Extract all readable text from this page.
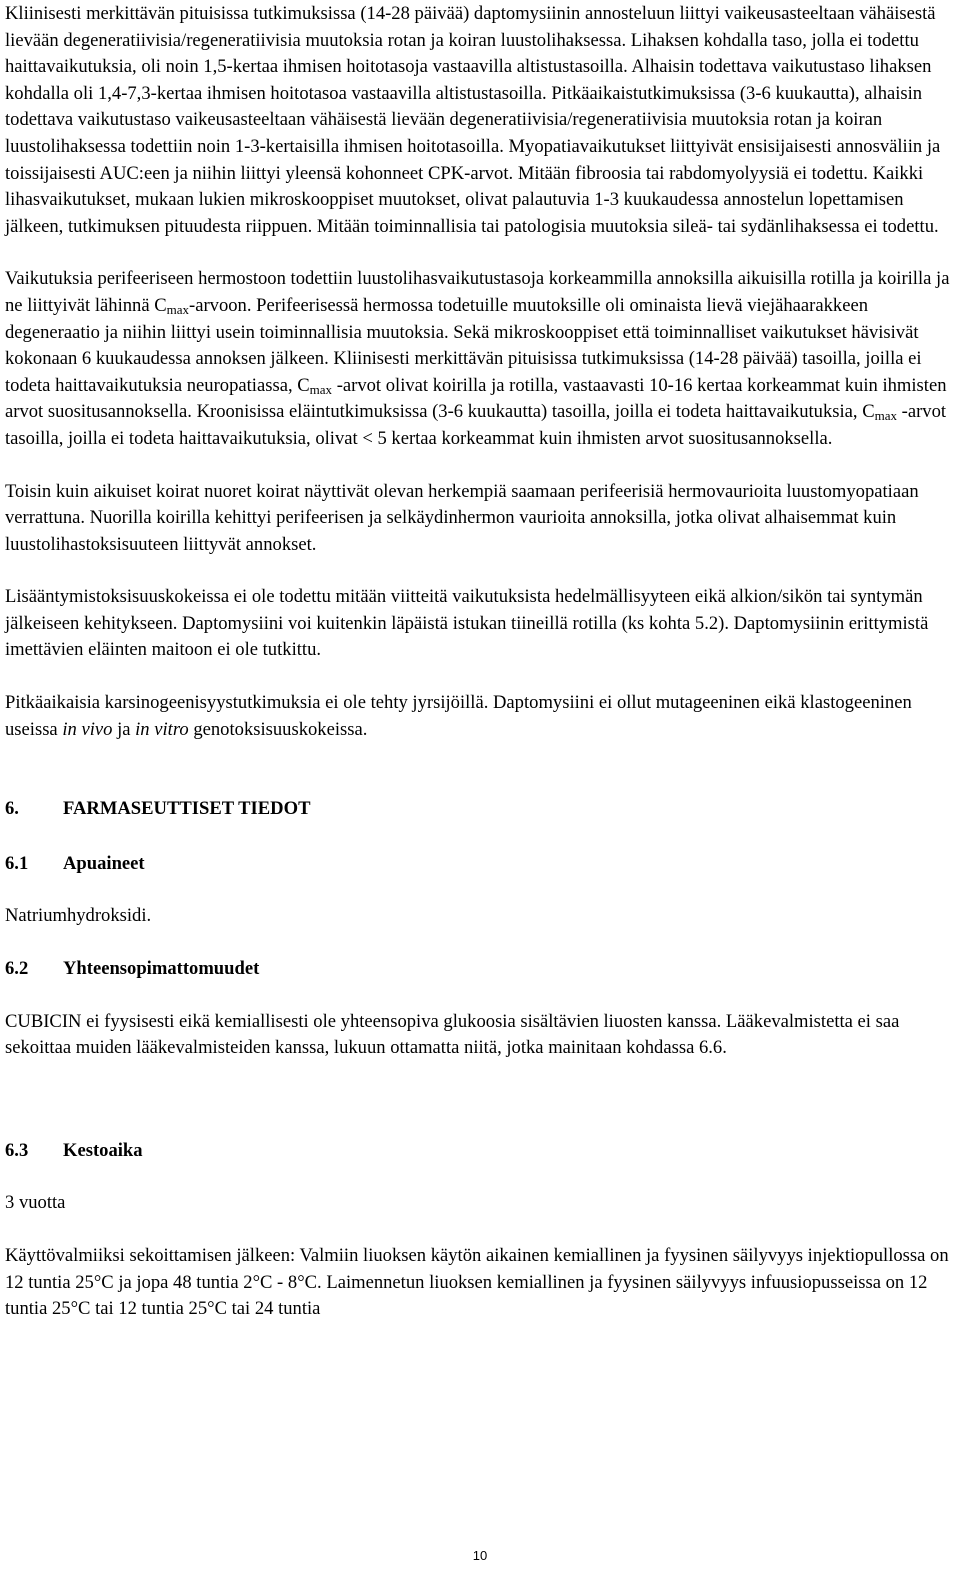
Kliinisesti merkittävän pituisissa tutkimuksissa (14-28 päivää) daptomysiinin annosteluun liittyi vaikeusasteeltaan vähäisestä lievään degeneratiivisia/regeneratiivisia muutoksia rotan ja koiran luustolihaksessa. Lihaksen kohdalla taso, jolla ei todettu haittavaikutuksia, oli noin 1,5-kertaa ihmisen hoitotasoja vastaavilla altistustasoilla. Alhaisin todettava vaikutustaso lihaksen kohdalla oli 1,4-7,3-kertaa ihmisen hoitotasoa vastaavilla altistustasoilla. Pitkäaikaistutkimuksissa (3-6 kuukautta), alhaisin todettava vaikutustaso vaikeusasteeltaan vähäisestä lievään degeneratiivisia/regeneratiivisia muutoksia rotan ja koiran luustolihaksessa todettiin noin 1-3-kertaisilla ihmisen hoitotasoilla. Myopatiavaikutukset liittyivät ensisijaisesti annosväliin ja toissijaisesti AUC:een ja niihin liittyi yleensä kohonneet CPK-arvot. Mitään fibroosia tai rabdomyolyysiä ei todettu. Kaikki lihasvaikutukset, mukaan lukien mikroskooppiset muutokset, olivat palautuvia 1-3 kuukaudessa annostelun lopettamisen jälkeen, tutkimuksen pituudesta riippuen. Mitään toiminnallisia tai patologisia muutoksia sileä- tai sydänlihaksessa ei todettu.

Vaikutuksia perifeeriseen hermostoon todettiin luustolihasvaikutustasoja korkeammilla annoksilla aikuisilla rotilla ja koirilla ja ne liittyivät lähinnä $C_{max}$-arvoon. Perifeerisessä hermossa todetuille muutoksille oli ominaista lievä viejähaarakkeen degeneraatio ja niihin liittyi usein toiminnallisia muutoksia. Sekä mikroskooppiset että toiminnalliset vaikutukset hävisivät kokonaan 6 kuukaudessa annoksen jälkeen. Kliinisesti merkittävän pituisissa tutkimuksissa (14-28 päivää) tasoilla, joilla ei todeta haittavaikutuksia neuropatiassa, $C_{max}$ -arvot olivat koirilla ja rotilla, vastaavasti 10-16 kertaa korkeammat kuin ihmisten arvot suositusannoksella. Kroonisissa eläintutkimuksissa (3-6 kuukautta) tasoilla, joilla ei todeta haittavaikutuksia, $C_{max}$ -arvot tasoilla, joilla ei todeta haittavaikutuksia, olivat < 5 kertaa korkeammat kuin ihmisten arvot suositusannoksella.

Toisin kuin aikuiset koirat nuoret koirat näyttivät olevan herkempiä saamaan perifeerisiä hermovaurioita luustomyopatiaan verrattuna. Nuorilla koirilla kehittyi perifeerisen ja selkäydinhermon vaurioita annoksilla, jotka olivat alhaisemmat kuin luustolihastoksisuuteen liittyvät annokset.

Lisääntymistoksisuuskokeissa ei ole todettu mitään viitteitä vaikutuksista hedelmällisyyteen eikä alkion/sikön tai syntymän jälkeiseen kehitykseen. Daptomysiini voi kuitenkin läpäistä istukan tiineillä rotilla (ks kohta 5.2). Daptomysiinin erittymistä imettävien eläinten maitoon ei ole tutkittu.

Pitkäaikaisia karsinogeenisyystutkimuksia ei ole tehty jyrsijöillä. Daptomysiini ei ollut mutageeninen eikä klastogeeninen useissa in vivo ja in vitro genotoksisuuskokeissa.

6.	FARMASEUTTISET TIEDOT
6.1	Apuaineet

Natriumhydroksidi.

6.2	Yhteensopimattomuudet

CUBICIN ei fyysisesti eikä kemiallisesti ole yhteensopiva glukoosia sisältävien liuosten kanssa. Lääkevalmistetta ei saa sekoittaa muiden lääkevalmisteiden kanssa, lukuun ottamatta niitä, jotka mainitaan kohdassa 6.6.

6.3	Kestoaika

3 vuotta

Käyttövalmiiksi sekoittamisen jälkeen: Valmiin liuoksen käytön aikainen kemiallinen ja fyysinen säilyvyys injektiopullossa on 12 tuntia 25°C ja jopa 48 tuntia 2°C - 8°C. Laimennetun liuoksen kemiallinen ja fyysinen säilyvyys infuusiopusseissa on 12 tuntia 25°C tai 12 tuntia 25°C tai 24 tuntia

10
